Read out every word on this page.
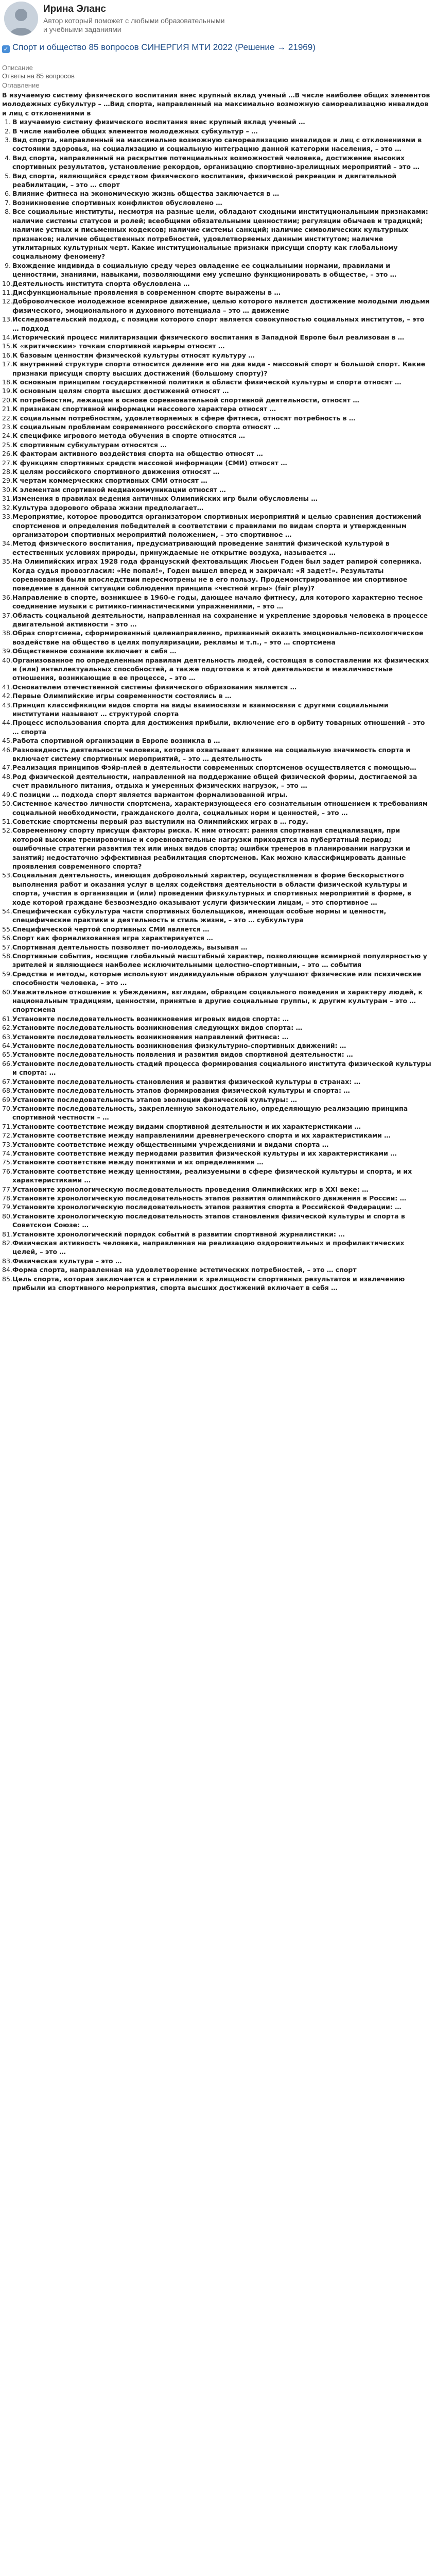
Ирина Эланс
Автор который поможет с любыми образовательными и учебными заданиями
✓ Спорт и общество 85 вопросов СИНЕРГИЯ МТИ 2022 (Решение → 21969)
Описание
Ответы на 85 вопросов
Оглавление

В изучаемую систему физического воспитания внес крупный вклад ученый …В числе наиболее общих элементов молодежных субкультур – …Вид спорта, направленный на максимально возможную самореализацию инвалидов и лиц с отклонениями в

1. В изучаемую систему физического воспитания внес крупный вклад ученый …
2. В числе наиболее общих элементов молодежных субкультур – …
3. Вид спорта, направленный на максимально возможную самореализацию инвалидов и лиц с отклонениями в состоянии здоровья, на социализацию и социальную интеграцию данной категории населения, – это …
4. Вид спорта, направленный на раскрытие потенциальных возможностей человека, достижение высоких спортивных результатов, установление рекордов, организацию спортивно-зрелищных мероприятий – это …
5. Вид спорта, являющийся средством физического воспитания, физической рекреации и двигательной реабилитации, – это … спорт
6. Влияние фитнеса на экономическую жизнь общества заключается в …
7. Возникновение спортивных конфликтов обусловлено …
8. Все социальные институты, несмотря на разные цели, обладают сходными институциональными признаками: наличие системы статусов и ролей; всеобщими обязательными ценностями; регуляции обычаев и традиций; наличие устных и письменных кодексов; наличие системы санкций; наличие символических культурных признаков; наличие общественных потребностей, удовлетворяемых данным институтом; наличие утилитарных культурных черт. Какие институциональные признаки присущи спорту как глобальному социальному феномену?
9. Вхождение индивида в социальную среду через овладение ее социальными нормами, правилами и ценностями, знаниями, навыками, позволяющими ему успешно функционировать в обществе, – это …
10. Деятельность института спорта обусловлена …
11. Дисфункциональные проявления в современном спорте выражены в …
12. Доброволческое молодежное всемирное движение, целью которого является достижение молодыми людьми физического, эмоционального и духовного потенциала – это … движение
13. Исследовательский подход, с позиции которого спорт является совокупностью социальных институтов, – это … подход
14. Исторический процесс милитаризации физического воспитания в Западной Европе был реализован в …
15. К «критическим» точкам спортивной карьеры относят …
16. К базовым ценностям физической культуры относят культуру …
17. К внутренней структуре спорта относится деление его на два вида - массовый спорт и большой спорт. Какие признаки присущи спорту высших достижений (большому спорту)?
18. К основным принципам государственной политики в области физической культуры и спорта относят …
19. К основным целям спорта высших достижений относят …
20. К потребностям, лежащим в основе соревновательной спортивной деятельности, относят …
21. К признакам спортивной информации массового характера относят …
22. К социальным потребностям, удовлетворяемых в сфере фитнеса, относят потребность в …
23. К социальным проблемам современного российского спорта относят …
24. К специфике игрового метода обучения в спорте относятся …
25. К спортивным субкультурам относятся …
26. К факторам активного воздействия спорта на общество относят …
27. К функциям спортивных средств массовой информации (СМИ) относят …
28. К целям российского спортивного движения относят …
29. К чертам коммерческих спортивных СМИ относят …
30. К элементам спортивной медиакоммуникации относят …
31. Изменения в правилах ведения античных Олимпийских игр были обусловлены …
32. Культура здорового образа жизни предполагает…
33. Мероприятие, которое проводится организатором спортивных мероприятий и целью сравнения достижений спортсменов и определения победителей в соответствии с правилами по видам спорта и утвержденным организатором спортивных мероприятий положением, – это спортивное …
34. Метод физического воспитания, предусматривающий проведение занятий физической культурой в естественных условиях природы, принуждаемые не открытие воздуха, называется …
35. На Олимпийских играх 1928 года французский фехтовальщик Люсьен Годен был задет рапирой соперника. Когда судья провозгласил: «Не попал!», Годен вышел вперед и закричал: «Я задет!». Результаты соревнования были впоследствии пересмотрены не в его пользу. Продемонстрированное им спортивное поведение в данной ситуации соблюдения принципа «честной игры» (fair play)?
36. Направление в спорте, возникшее в 1960-е годы, дающее начало фитнесу, для которого характерно тесное соединение музыки с ритмико-гимнастическими упражнениями, – это …
37. Область социальной деятельности, направленная на сохранение и укрепление здоровья человека в процессе двигательной активности – это …
38. Образ спортсмена, сформированный целенаправленно, призванный оказать эмоционально-психологическое воздействие на общество в целях популяризации, рекламы и т.п., – это … спортсмена
39. Общественное сознание включает в себя …
40. Организованное по определенным правилам деятельность людей, состоящая в сопоставлении их физических и (или) интеллектуальных способностей, а также подготовка к этой деятельности и межличностные отношения, возникающие в ее процессе, – это …
41. Основателем отечественной системы физического образования является …
42. Первые Олимпийские игры современности состоялись в …
43. Принцип классификации видов спорта на виды взаимосвязи и взаимосвязи с другими социальными институтами называют … структурой спорта
44. Процесс использования спорта для достижения прибыли, включение его в орбиту товарных отношений – это … спорта
45. Работа спортивной организации в Европе возникла в …
46. Разновидность деятельности человека, которая охватывает влияние на социальную значимость спорта и включает систему спортивных мероприятий, – это … деятельность
47. Реализация принципов Фэйр-плей в деятельности современных спортсменов осуществляется с помощью…
48. Род физической деятельности, направленной на поддержание общей физической формы, достигаемой за счет правильного питания, отдыха и умеренных физических нагрузок, – это …
49. С позиции … подхода спорт является вариантом формализованной игры.
50. Системное качество личности спортсмена, характеризующееся его сознательным отношением к требованиям социальной необходимости, гражданского долга, социальных норм и ценностей, – это …
51. Советские спортсмены первый раз выступили на Олимпийских играх в … году.
52. Современному спорту присущи факторы риска. К ним относят: ранняя спортивная специализация, при которой высокие тренировочные и соревновательные нагрузки приходятся на пубертатный период; ошибочные стратегии развития тех или иных видов спорта; ошибки тренеров в планировании нагрузки и занятий; недостаточно эффективная реабилитация спортсменов. Как можно классифицировать данные проявления современного спорта?
53. Социальная деятельность, имеющая добровольный характер, осуществляемая в форме бескорыстного выполнения работ и оказания услуг в целях содействия деятельности в области физической культуры и спорта, участия в организации и (или) проведении физкультурных и спортивных мероприятий в форме, в ходе которой граждане безвозмездно оказывают услуги физическим лицам, – это спортивное …
54. Специфическая субкультура части спортивных болельщиков, имеющая особые нормы и ценности, специфические практики и деятельность и стиль жизни, – это … субкультура
55. Специфической чертой спортивных СМИ является …
56. Спорт как формализованная игра характеризуется …
57. Спортивная деятельность позволяет по-молодежь, вызывая …
58. Спортивные события, носящие глобальный масштабный характер, позволяющее всемирной популярностью у зрителей и являющиеся наиболее исключительными целостно-спортивным, – это … события
59. Средства и методы, которые используют индивидуальные образом улучшают физические или психические способности человека, – это …
60. Уважительное отношение к убеждениям, взглядам, образцам социального поведения и характеру людей, к национальным традициям, ценностям, принятые в другие социальные группы, к другим культурам – это … спортсмена
61. Установите последовательность возникновения игровых видов спорта: …
62. Установите последовательность возникновения следующих видов спорта: …
63. Установите последовательность возникновения направлений фитнеса: …
64. Установите последовательность возникновения физкультурно-спортивных движений: …
65. Установите последовательность появления и развития видов спортивной деятельности: …
66. Установите последовательность стадий процесса формирования социального института физической культуры и спорта: …
67. Установите последовательность становления и развития физической культуры в странах: …
68. Установите последовательность этапов формирования физической культуры и спорта: …
69. Установите последовательность этапов эволюции физической культуры: …
70. Установите последовательность, закрепленную законодательно, определяющую реализацию принципа спортивной честности – …
71. Установите соответствие между видами спортивной деятельности и их характеристиками …
72. Установите соответствие между направлениями древнегреческого спорта и их характеристиками …
73. Установите соответствие между общественными учреждениями и видами спорта …
74. Установите соответствие между периодами развития физической культуры и их характеристиками …
75. Установите соответствие между понятиями и их определениями …
76. Установите соответствие между ценностями, реализуемыми в сфере физической культуры и спорта, и их характеристиками …
77. Установите хронологическую последовательность проведения Олимпийских игр в XXI веке: …
78. Установите хронологическую последовательность этапов развития олимпийского движения в России: …
79. Установите хронологическую последовательность этапов развития спорта в Российской Федерации: …
80. Установите хронологическую последовательность этапов становления физической культуры и спорта в Советском Союзе: …
81. Установите хронологический порядок событий в развитии спортивной журналистики: …
82. Физическая активность человека, направленная на реализацию оздоровительных и профилактических целей, – это …
83. Физическая культура – это …
84. Форма спорта, направленная на удовлетворение эстетических потребностей, – это … спорт
85. Цель спорта, которая заключается в стремлении к зрелищности спортивных результатов и извлечению прибыли из спортивного мероприятия, спорта высших достижений включает в себя …
